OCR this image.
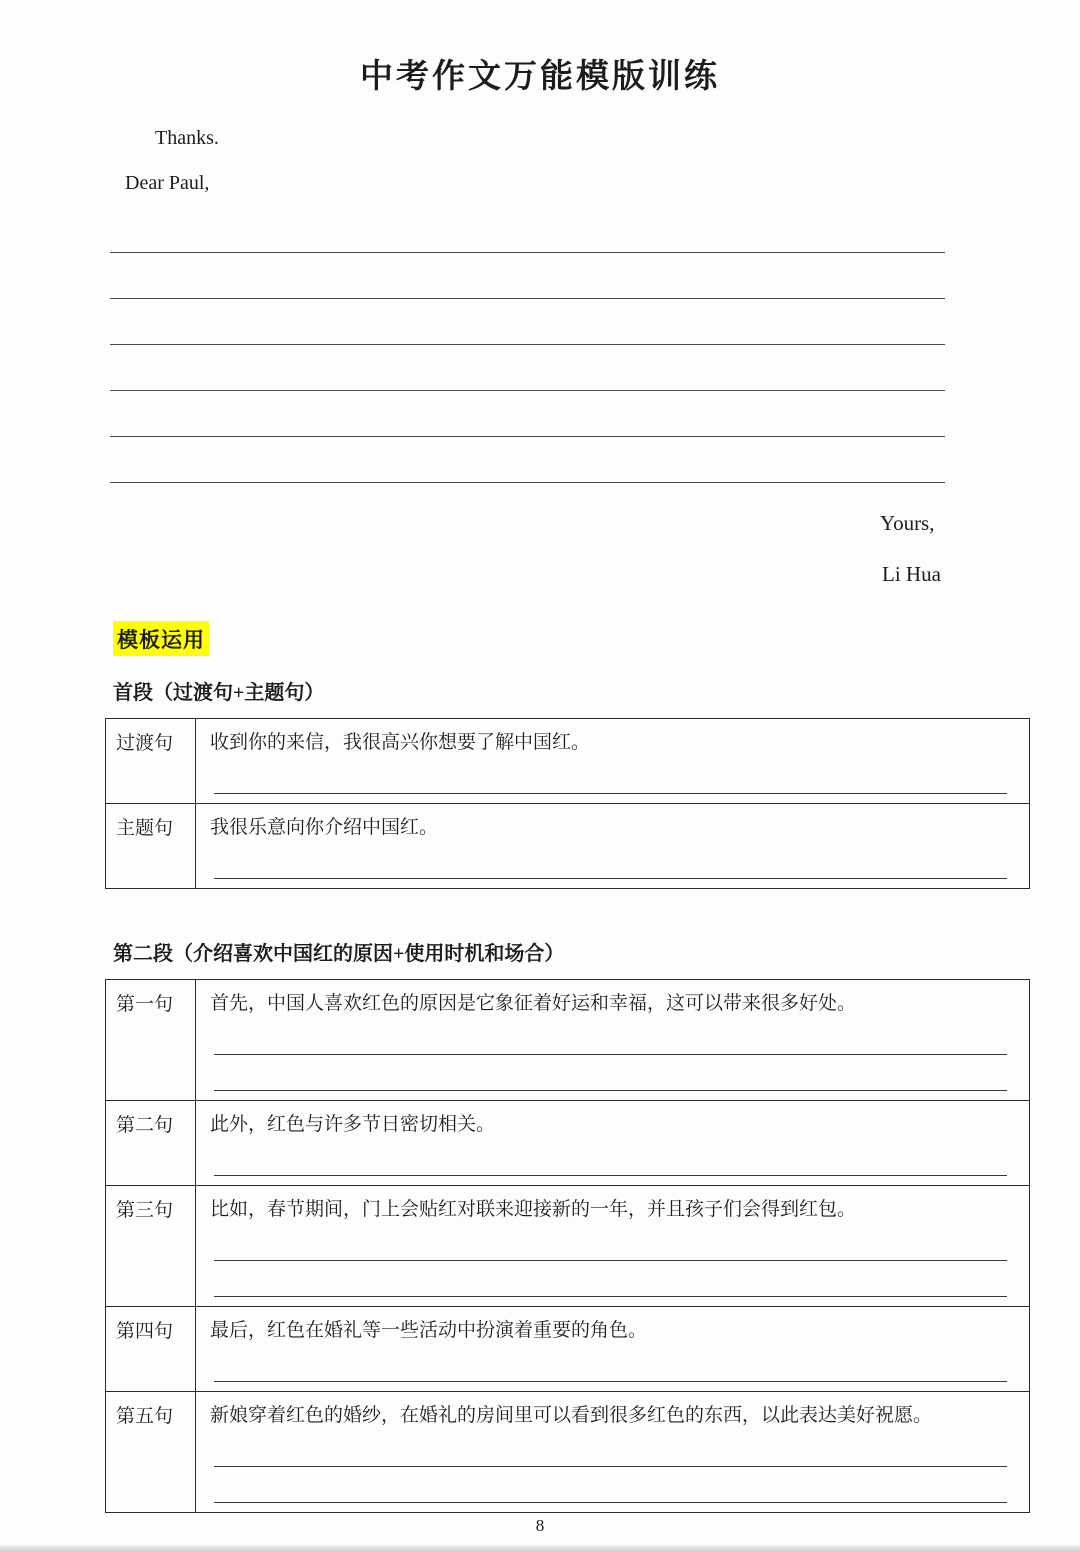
中考作文万能模版训练
Thanks.
Dear Paul,
Yours,
Li Hua
模板运用
首段（过渡句+主题句）
过渡句	收到你的来信，我很高兴你想要了解中国红。
主题句	我很乐意向你介绍中国红。
第二段（介绍喜欢中国红的原因+使用时机和场合）
第一句	首先，中国人喜欢红色的原因是它象征着好运和幸福，这可以带来很多好处。
第二句	此外，红色与许多节日密切相关。
第三句	比如，春节期间，门上会贴红对联来迎接新的一年，并且孩子们会得到红包。
第四句	最后，红色在婚礼等一些活动中扮演着重要的角色。
第五句	新娘穿着红色的婚纱，在婚礼的房间里可以看到很多红色的东西，以此表达美好祝愿。
8
